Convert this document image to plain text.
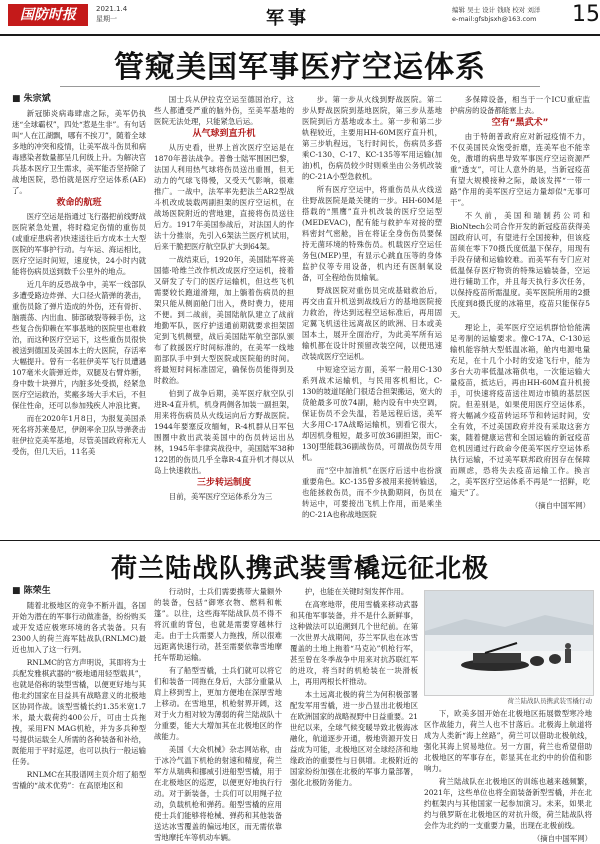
国防时报	2021.1.4
星期一	军事	编辑 吴士 设计 钱晓 校对 刘洋
e-mail:gfsbjsxh@163.com	15
管窥美国军事医疗空运体系
■ 朱宗斌

新冠肺炎病毒肆虐之际，美军仍执迷“全球霸权”，四处“惹是生非”。有句话叫“人在江湖飘，哪有不挨刀”，随着全球多地的冲突和疫情，让美军战斗伤员和病毒感染者数量都呈几何级上升。为解决官兵基本医疗卫生需求，美军能否坚持除了战地医院，恐怕就是医疗空运体系(AE)了。

救命的航班

医疗空运是指通过飞行器把前线野战医院紧急处置，将时稳定伤情的重伤员(或重症患病者)快速送往后方成本土大型医院的军事护行动。与车运、海运相比，医疗空运时间短，速度快，24小时内就能将伤病员送到数千公里外的地点。

近几年的反恐战争中，美军一线部队多遭受路边炸弹、大口径火箭弹的袭击，重伤员除了弹片造成的外伤，还有骨折、脑震荡、内出血、肺部破裂等棘手伤，这些复合伤仰赖在军事基地的医院里也难救治，而这种医疗空运下，这些重伤员很快被送到德国及美国本土的大医院，存活率大幅提升。曾有一名驻伊美军飞行员遭遇107毫米火箭弹近炸，双腿及右臂炸断，身中数十块弹片，内脏多处受损，经紧急医疗空运救治，奖瘢多场大手术后，不但保住性命，还可以参加残疾人冲浪比赛。

而在2020年1月8日，为报复美国杀死名将苏莱曼尼，伊朗率余卫队导弹袭击驻伊拉克美军基地，尽管美国政府称无人受伤，但几天后，11名美

国士兵从伊拉克空运至德国治疗，这些人都遭受严重的脑外伤，至美军基地的医院无法处理，只能紧急后运。

从气球到直升机

从历史看，世界上首次医疗空运是在1870年普法战争。普鲁士陆军围困巴黎，法国人利用热气球将伤员送出重围，但无动力的气球飞得慢，又受天气影响，很难推广。一战中，法军率先把法兰AR2型战斗机改成装载两副担架的医疗空运机，在战场医院附近的营地建，直接将伤员送往后方。1917年美国参战后，对法国人的作法十分推崇，先引入6架法兰医疗机试用，后来干脆把医疗航空队扩大到64架。

一战结束后，1920年，美国陆军将美国德·哈维兰改作机改成医疗空运机，接着又研发了专门的医疗运输机，但这些飞机需要较长跑道滑翔，加上躺着伤病员的担架只能从侧面舱门出入，费时费力，使用不便。到二战前，美国陆航队建立了战前地勤军队，医疗护送通前期就要求担架固定到飞机侧壁，战后美国陆军航空部队颁布了救援医疗时间标准的，在美军一线地面部队手中到大型医院或医院船的时间。将最短时间标准固定，确保伤员能得到及时救治。

伯到了战争后期，美军医疗航空队引进R-4直升机，机身两侧各加装一副担架，用来将伤病员从火线运向后方野战医院。1944年要塞反攻缅甸，R-4机群从日军包围圈中救出武装美国中的伤员转运出丛林，1945年非律宾战役中，美国陆军38种122团的伤员几乎全靠R-4直升机才得以从岛上快速救出。

三步转运制度

目前，美军医疗空运体系分为三

步。第一步从火线到野战医院。第二步从野战医院到基地医院，第三步从基地医院到后方基地或本土。第一步和第二步轨程较近，主要用HH-60M医疗直升机，第三步轨程远，飞行时间长，伤病员多搭乘C-130、C-17、KC-135等军用运输(加油)机，伤病员较少时则乘坐由公务机改装的C-21A小型急救机。

所有医疗空运中，将重伤员从火线送往野战医院是最关键的一步。HH-60M是搭载的“黑鹰”直升机改装的医疗空运型(MEDEVAC)，配有能与救护车对接的塑料密封气密舱，旨在将证全身伤伤员要保持无菌环境的特殊伤员。机载医疗空运任务包(MEP)里，有显示心跳血压等的身体监护仪等专用设备，机内还有医制氧设备，可全程给伤员输氧。

野战医院对重伤员完成基础救治后，再交由直升机送到战线后方的基地医院接力救治，待达到远程空运标准后，再用固定翼飞机送往远离战区的欧洲、日本或美国本土，展开全面治疗，为此美军所有运输机都在设计时预留改装空间，以便迅速改装成医疗空运机。

中短途空运方面，美军一般用C-130系列战术运输机，与民用客机相比，C-130的坡道尾舱门很适合担架搬运，宽大的货舱最多可放74副，舱内设有中央空调，保证伤员不会失温，若是远程后送，美军大多用C-17A战略运输机，别看它很大，却因机身粗短，最多可放36副担架，而C-130J型能载36副战伤员，可谓战伤员专用机。

而“空中加油机”在医疗后送中也扮演重要角色。KC-135曾多被用来接转输送，也能拯救伤员，而不少执勤期间，伤员在转运中，可要接出飞机上作用，而是乘坐的C-21A也称战地医院

多保障设备，相当于一个ICU重症监护病房的设备都能塞上去。

空有“黑武术”

由于特朗普政府应对新冠疫情不力，不仅美国民众饱受折磨，连美军也不能幸免，激增的病患导致军事医疗空运资源严重“透支”，可让人意外的是，当新冠疫苗有望大规模接种之际，最该发挥“一带一路”作用的美军医疗空运力量却似“无事可干”。

不久前，美国和瑞制药公司和BioNtech公司合作开发的新冠疫苗获得美国政府认可，有望进行全国接种，但该疫苗须在零下70摄氏度低温下保存，用现有手段存储和运输较难。而美军有专门应对低温保存医疗物资的特殊运输装备，空运进行辅助工作，并且每天执行多次任务，以保持疫苗所需温度。美军医院所用的2摄氏度到8摄氏度的冰箱里，疫苗只能保存5天。

理论上，美军医疗空运机群恰恰能满足考制的运输要求。像C-17A、C-130运输机能容纳大型低温冰箱，舱内电源电量充足，在十几个小时的安途飞行中，能为多台大功率低温冰箱供电，一次能运输大量疫苗，抵达后，再由HH-60M直升机接手，可快速将疫苗送往周边市镇的基层医院。但差别是，如果使用医疗空运体系，将大幅减少疫苗转运环节和转运时间，安全有效，不过美国政府并没有采取这套方案，随着健康运营和全国运输的新冠疫苗危机因通过行政命令使美军医疗空运体系执行运输，不过美军联邦政府因存在保障而顾虑，恐将失去疫苗运输工作。换言之，美军医疗空运体系不再是“一招鲜，吃遍天”了。

（摘自中国军网）

荷兰陆战队携武装雪橇远征北极
■ 陈荣生

随着北极地区的竞争不断升温，各国开始为潜在的军事行动做准备，纷纷购买或开发适应极寒环境的各式装备。只有2300人的荷兰海军陆战队(RNLMC)最近也加入了这一行列。

RNLMC的官方声明说，其即将为士兵配发雅棋武器的“极地通用轻型载具”，也就是俗称的装型雪橇，以便更好地与其他北约国家在目益具有战略意义的北极地区协同作战。该型雪橇长约1.35米宽1.7米，最大载荷约400公斤，可由士兵拖拽，采用FN MAG机枪，并为多兵种型号提供运载全人所需的各种装备和补给，既能用于平时巡逻，也可以执行一般运输任务。

RNLMC在其股谱网主页介绍了船型雪橇的“战术优势”：在高原地区和

行动时，士兵们需要携带大量额外的装备，包括“御寒衣物、燃料和帐篷”。以往，这些海军陆战队员不得不将沉重的背包，也就是需要穿越林行走。由于士兵需要人力拖拽，所以很难远距离快速行动，甚至需要依靠雪地摩托车帮助运输。

有了船型雪橇，士兵们就可以将它们和装备一同拖在身后，大部分重量从肩上移到雪上，更加方便地在深厚雪地上移动。在雪地里，机枪射界开阔，这对于火力相对较为薄弱的荷兰陆战队十分重要，能大大增加其在北极地区的作战能力。

美国《大众机械》杂志网站称，由于冰冷气温下机枪的射速和精度，荷兰军方从瑞典和挪威引进船型雪橇，用于在北极地区的巡逻，以便更好地执行行动。对于新装备，士兵们可以用绳子拉动，负载机枪和弹药。船型雪橇的应用使士兵们能够将枪械、弹药和其他装备送达冰雪覆盖的偏远地区，而无需依靠雪地摩托车等机动车辆。

护，也能在关键时刻发挥作用。

在高寒地带，使用雪橇来移动武器和其他军事装备，并不是什么新鲜事，这种做法可以追溯到几个世纪前。在第一次世界大战期间，芬兰军队也在冰雪覆盖的土地上拖着“马克沁”机枪行军，甚至曾在冬季战争中用来对抗苏联红军的进攻，将当时的机枪装在一块滑板上，再用两根长杆推动。

本土远离北极的荷兰为何积极部署配发军用雪橇，进一步凸显出北极地区在欧洲国家的战略视野中日益重要。21世纪以来，全球气候变暖导致北极海冰融化，航道逐步开通，极地资源开发日益成为可能，北极地区对全球经济和地缘政治的重要性与日俱增。北极附近的国家纷纷加强在北极的军事力量部署，强化北极防务能力。

荷兰陆战队员携武装雪橇行动

下，欧美多国开始在北极地区拓展微型寒冷地区作战能力，荷兰人也不甘落后。北极海上航道将成为人类新“海上丝路”，荷兰可以借助北极航线，强化其海上贸易地位。另一方面，荷兰也希望借助北极地区的军事存在，彰显其在北约中的价值和影响力。

荷兰陆战队在北极地区的训练也越来越频繁，2021年，这些单位也将全面装备新型雪橇，并在北约框架内与其他国家一起参加演习。未来，如果北约与俄罗斯在北极地区的对抗升级，荷兰陆战队将会作为北约的一支重要力量，出现在北极前线。

（摘自中国军网）
